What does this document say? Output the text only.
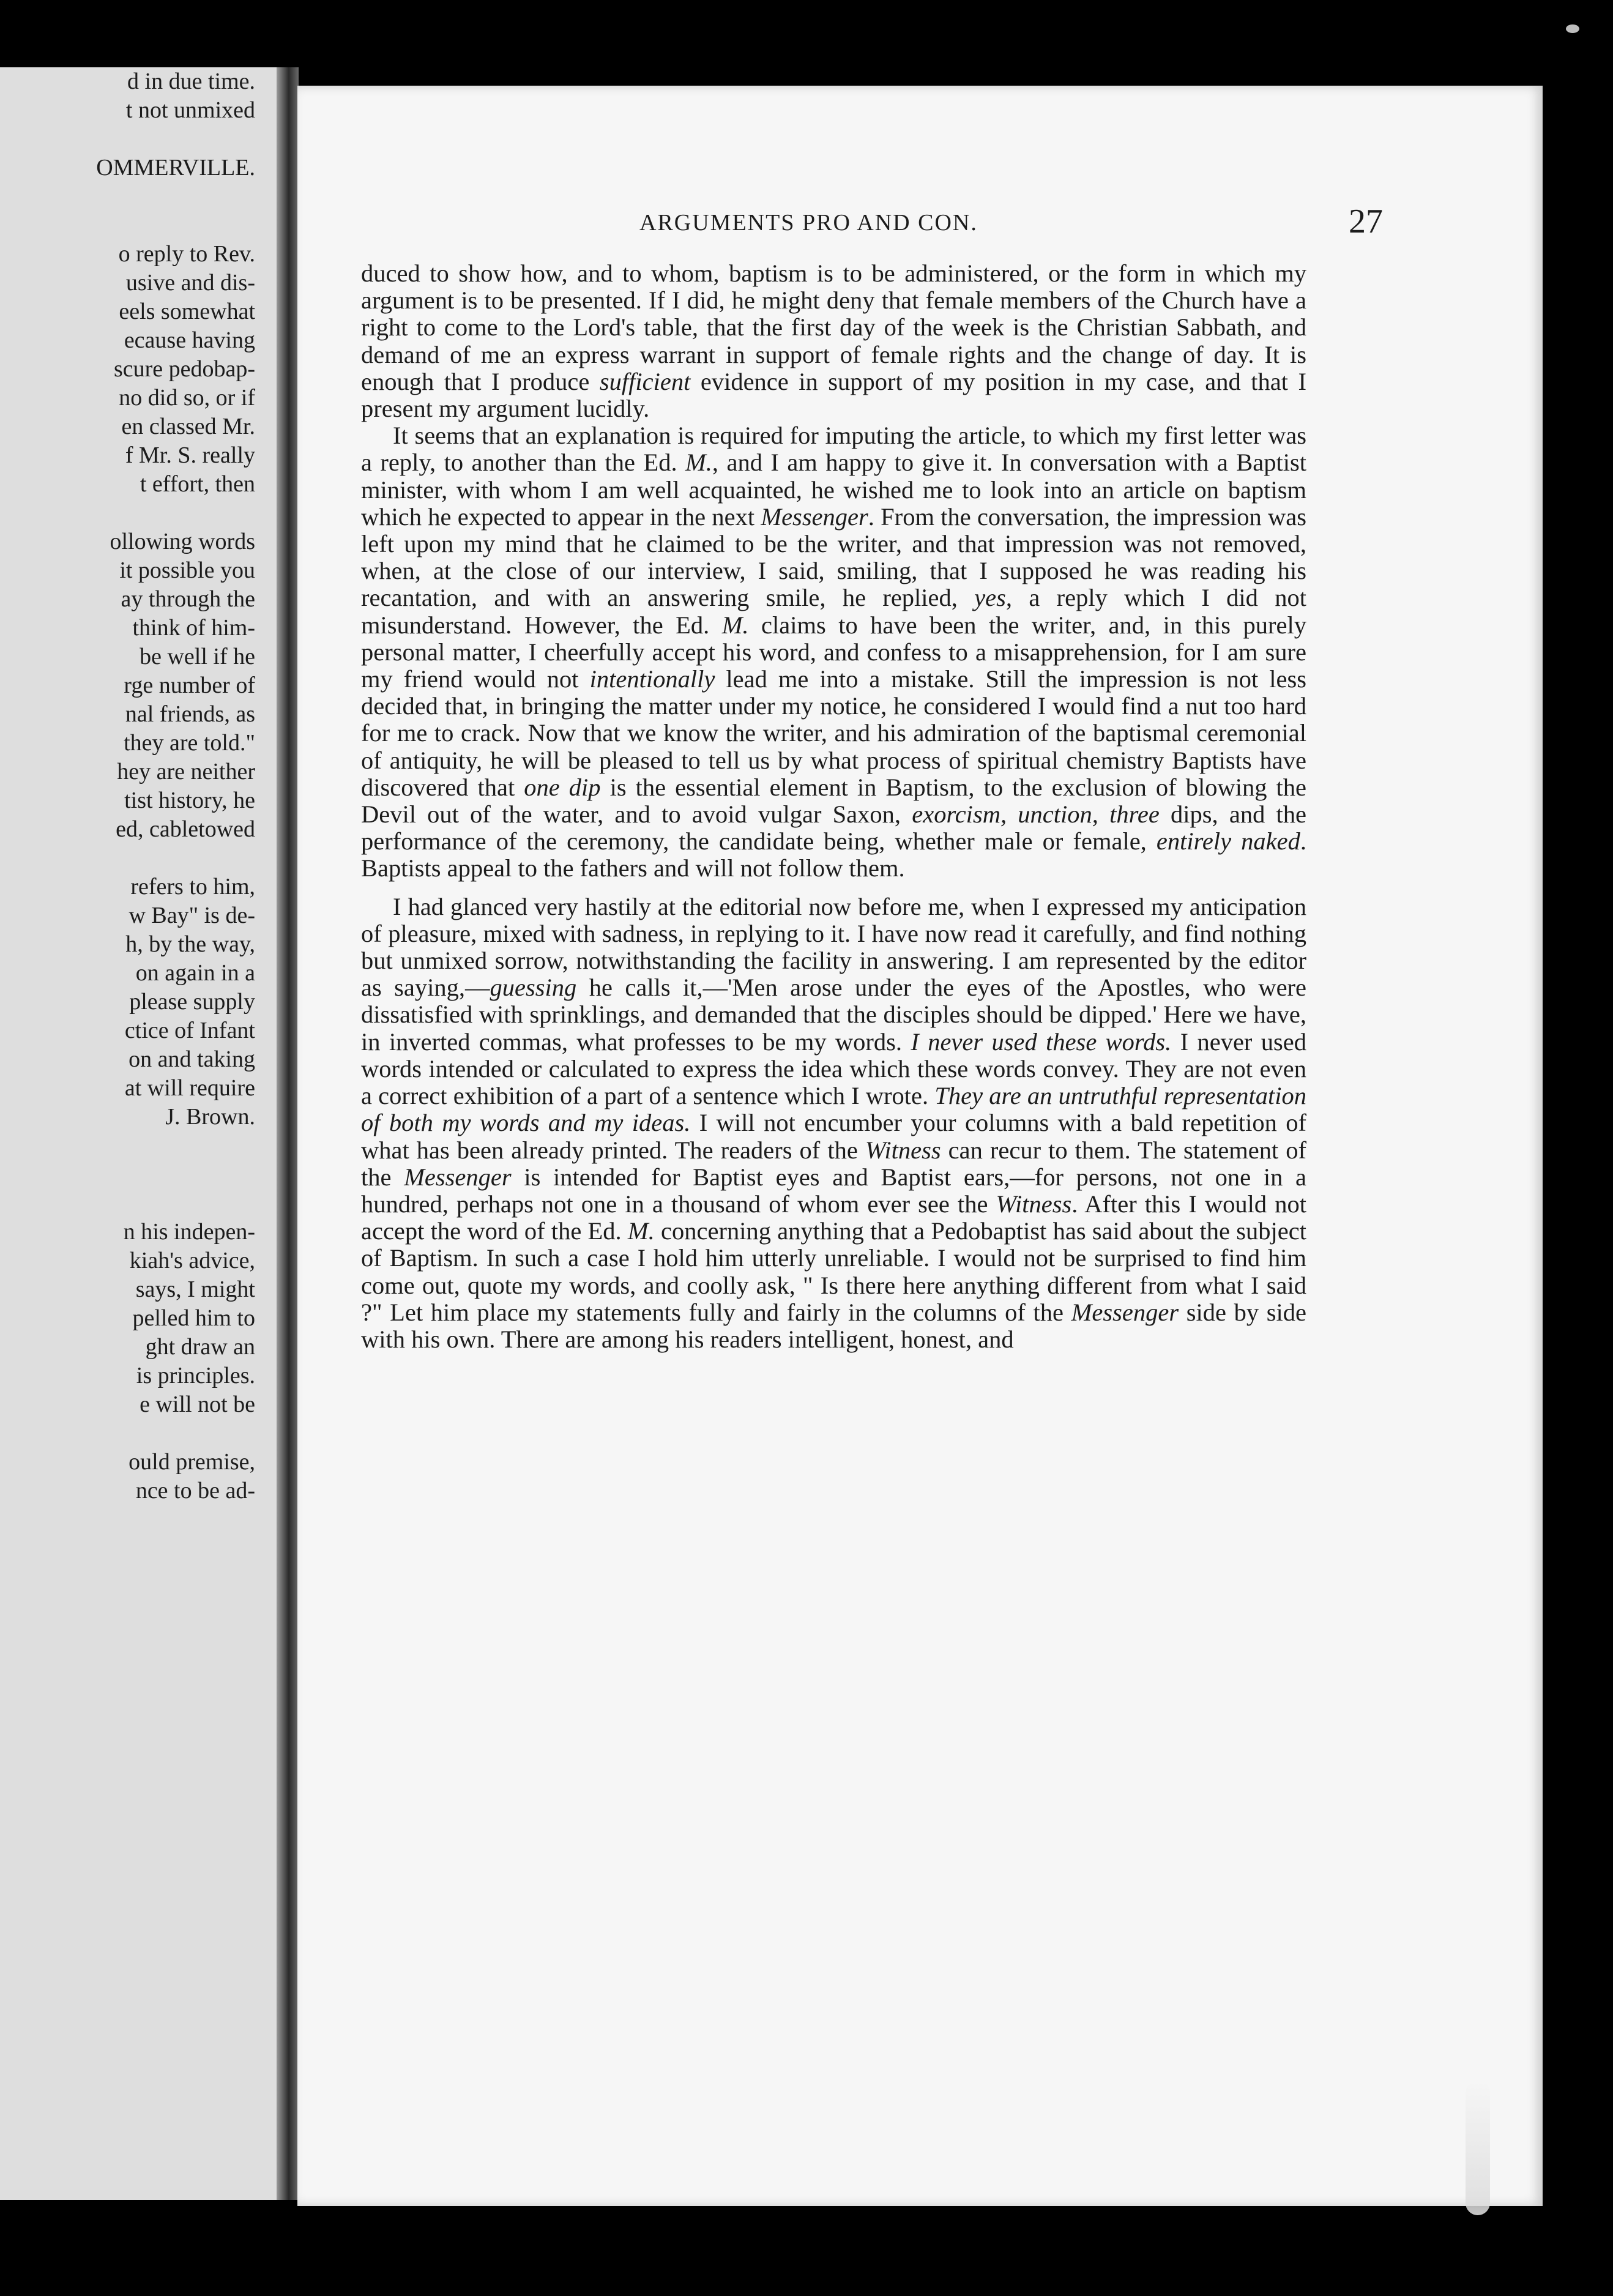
d in due time.
t not unmixed
OMMERVILLE.
o reply to Rev.
usive and dis-
eels somewhat
ecause having
scure pedobap-
no did so, or if
en classed Mr.
f Mr. S. really
t effort, then
ollowing words
it possible you
ay through the
think of him-
be well if he
rge number of
nal friends, as
they are told."
hey are neither
tist history, he
ed, cabletowed
refers to him,
w Bay" is de-
h, by the way,
on again in a
please supply
ctice of Infant
on and taking
at will require
J. Brown.
n his indepen-
kiah's advice,
says, I might
pelled him to
ght draw an
is principles.
e will not be
ould premise,
nce to be ad-
ARGUMENTS PRO AND CON.	27

duced to show how, and to whom, baptism is to be administered, or the form in which my argument is to be presented. If I did, he might deny that female members of the Church have a right to come to the Lord's table, that the first day of the week is the Christian Sabbath, and demand of me an express warrant in support of female rights and the change of day. It is enough that I produce sufficient evidence in support of my position in my case, and that I present my argument lucidly.

It seems that an explanation is required for imputing the article, to which my first letter was a reply, to another than the Ed. M., and I am happy to give it. In conversation with a Baptist minister, with whom I am well acquainted, he wished me to look into an article on baptism which he expected to appear in the next Messenger. From the conversation, the impression was left upon my mind that he claimed to be the writer, and that impression was not removed, when, at the close of our interview, I said, smiling, that I supposed he was reading his recantation, and with an answering smile, he replied, yes, a reply which I did not misunderstand. However, the Ed. M. claims to have been the writer, and, in this purely personal matter, I cheerfully accept his word, and confess to a misapprehension, for I am sure my friend would not intentionally lead me into a mistake. Still the impression is not less decided that, in bringing the matter under my notice, he considered I would find a nut too hard for me to crack. Now that we know the writer, and his admiration of the baptismal ceremonial of antiquity, he will be pleased to tell us by what process of spiritual chemistry Baptists have discovered that one dip is the essential element in Baptism, to the exclusion of blowing the Devil out of the water, and to avoid vulgar Saxon, exorcism, unction, three dips, and the performance of the ceremony, the candidate being, whether male or female, entirely naked. Baptists appeal to the fathers and will not follow them.

I had glanced very hastily at the editorial now before me, when I expressed my anticipation of pleasure, mixed with sadness, in replying to it. I have now read it carefully, and find nothing but unmixed sorrow, notwithstanding the facility in answering. I am represented by the editor as saying,—guessing he calls it,—'Men arose under the eyes of the Apostles, who were dissatisfied with sprinklings, and demanded that the disciples should be dipped.' Here we have, in inverted commas, what professes to be my words. I never used these words. I never used words intended or calculated to express the idea which these words convey. They are not even a correct exhibition of a part of a sentence which I wrote. They are an untruthful representation of both my words and my ideas. I will not encumber your columns with a bald repetition of what has been already printed. The readers of the Witness can recur to them. The statement of the Messenger is intended for Baptist eyes and Baptist ears,—for persons, not one in a hundred, perhaps not one in a thousand of whom ever see the Witness. After this I would not accept the word of the Ed. M. concerning anything that a Pedobaptist has said about the subject of Baptism. In such a case I hold him utterly unreliable. I would not be surprised to find him come out, quote my words, and coolly ask, " Is there here anything different from what I said ?" Let him place my statements fully and fairly in the columns of the Messenger side by side with his own. There are among his readers intelligent, honest, and
